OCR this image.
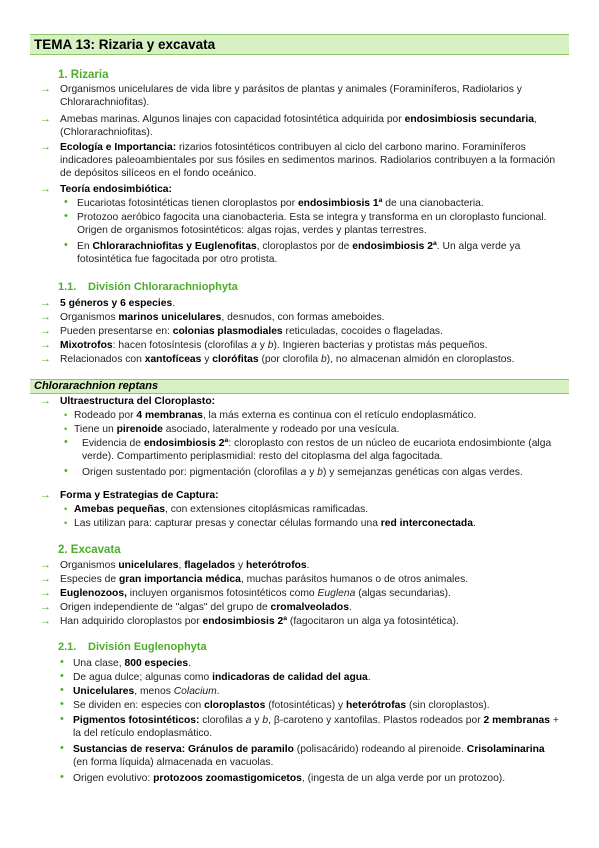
TEMA 13: Rizaria y excavata
1. Rizaria
→ Organismos unicelulares de vida libre y parásitos de plantas y animales (Foraminíferos, Radiolarios y Chlorarachniofitas).
→ Amebas marinas. Algunos linajes con capacidad fotosintética adquirida por endosimbiosis secundaria, (Chlorarachniofitas).
→ Ecología e Importancia: rizarios fotosintéticos contribuyen al ciclo del carbono marino. Foraminíferos indicadores paleoambientales por sus fósiles en sedimentos marinos. Radiolarios contribuyen a la formación de depósitos silíceos en el fondo oceánico.
→ Teoría endosimbiótica:
• Eucariotas fotosintéticas tienen cloroplastos por endosimbiosis 1ª de una cianobacteria.
• Protozoo aeróbico fagocita una cianobacteria. Esta se integra y transforma en un cloroplasto funcional. Origen de organismos fotosintéticos: algas rojas, verdes y plantas terrestres.
• En Chlorarachniofitas y Euglenofitas, cloroplastos por de endosimbiosis 2ª. Un alga verde ya fotosintética fue fagocitada por otro protista.
1.1. División Chlorarachniophyta
→ 5 géneros y 6 especies.
→ Organismos marinos unicelulares, desnudos, con formas ameboides.
→ Pueden presentarse en: colonias plasmodiales reticuladas, cocoides o flageladas.
→ Mixotrofos: hacen fotosíntesis (clorofilas a y b). Ingieren bacterias y protistas más pequeños.
→ Relacionados con xantofíceas y clorófitas (por clorofila b), no almacenan almidón en cloroplastos.
Chlorarachnion reptans
→ Ultraestructura del Cloroplasto:
• Rodeado por 4 membranas, la más externa es continua con el retículo endoplasmático.
• Tiene un pirenoide asociado, lateralmente y rodeado por una vesícula.
• Evidencia de endosimbiosis 2ª: cloroplasto con restos de un núcleo de eucariota endosimbionte (alga verde). Compartimento periplasmidial: resto del citoplasma del alga fagocitada.
• Origen sustentado por: pigmentación (clorofilas a y b) y semejanzas genéticas con algas verdes.
→ Forma y Estrategias de Captura:
• Amebas pequeñas, con extensiones citoplásmicas ramificadas.
• Las utilizan para: capturar presas y conectar células formando una red interconectada.
2. Excavata
→ Organismos unicelulares, flagelados y heterótrofos.
→ Especies de gran importancia médica, muchas parásitos humanos o de otros animales.
→ Euglenozoos, incluyen organismos fotosintéticos como Euglena (algas secundarias).
→ Origen independiente de "algas" del grupo de cromalveolados.
→ Han adquirido cloroplastos por endosimbiosis 2ª (fagocitaron un alga ya fotosintética).
2.1. División Euglenophyta
• Una clase, 800 especies.
• De agua dulce; algunas como indicadoras de calidad del agua.
• Unicelulares, menos Colacium.
• Se dividen en: especies con cloroplastos (fotosintéticas) y heterótrofas (sin cloroplastos).
• Pigmentos fotosintéticos: clorofilas a y b, β-caroteno y xantofilas. Plastos rodeados por 2 membranas + la del retículo endoplasmático.
• Sustancias de reserva: Gránulos de paramilo (polisacárido) rodeando al pirenoide. Crisolaminarina (en forma líquida) almacenada en vacuolas.
• Origen evolutivo: protozoos zoomastigomicetos, (ingesta de un alga verde por un protozoo).
